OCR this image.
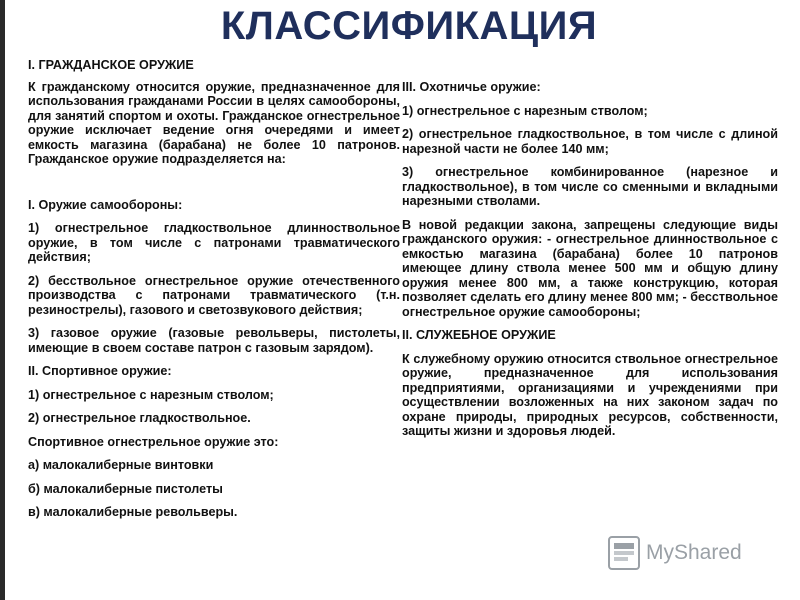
КЛАССИФИКАЦИЯ
I. ГРАЖДАНСКОЕ ОРУЖИЕ
К гражданскому относится оружие, предназначенное для использования гражданами России в целях самообороны, для занятий спортом и охоты. Гражданское огнестрельное оружие исключает ведение огня очередями и имеет емкость магазина (барабана) не более 10 патронов. Гражданское оружие подразделяется на:
I. Оружие самообороны:
1) огнестрельное гладкоствольное длинноствольное оружие, в том числе с патронами травматического действия;
2) бесствольное огнестрельное оружие отечественного производства с патронами травматического (т.н. резинострелы), газового и светозвукового действия;
3) газовое оружие (газовые револьверы, пистолеты, имеющие в своем составе патрон с газовым зарядом).
II. Спортивное оружие:
1) огнестрельное с нарезным стволом;
2) огнестрельное гладкоствольное.
Спортивное огнестрельное оружие это:
а) малокалиберные винтовки
б) малокалиберные пистолеты
в) малокалиберные револьверы.
III. Охотничье оружие:
1) огнестрельное с нарезным стволом;
2) огнестрельное гладкоствольное, в том числе с длиной нарезной части не более 140 мм;
3) огнестрельное комбинированное (нарезное и гладкоствольное), в том числе со сменными и вкладными нарезными стволами.
В новой редакции закона, запрещены следующие виды гражданского оружия: - огнестрельное длинноствольное с емкостью магазина (барабана) более 10 патронов имеющее длину ствола менее 500 мм и общую длину оружия менее 800 мм, а также конструкцию, которая позволяет сделать его длину менее 800 мм; - бесствольное огнестрельное оружие самообороны;
II. СЛУЖЕБНОЕ ОРУЖИЕ
К служебному оружию относится ствольное огнестрельное оружие, предназначенное для использования предприятиями, организациями и учреждениями при осуществлении возложенных на них законом задач по охране природы, природных ресурсов, собственности, защиты жизни и здоровья людей.
MyShared
